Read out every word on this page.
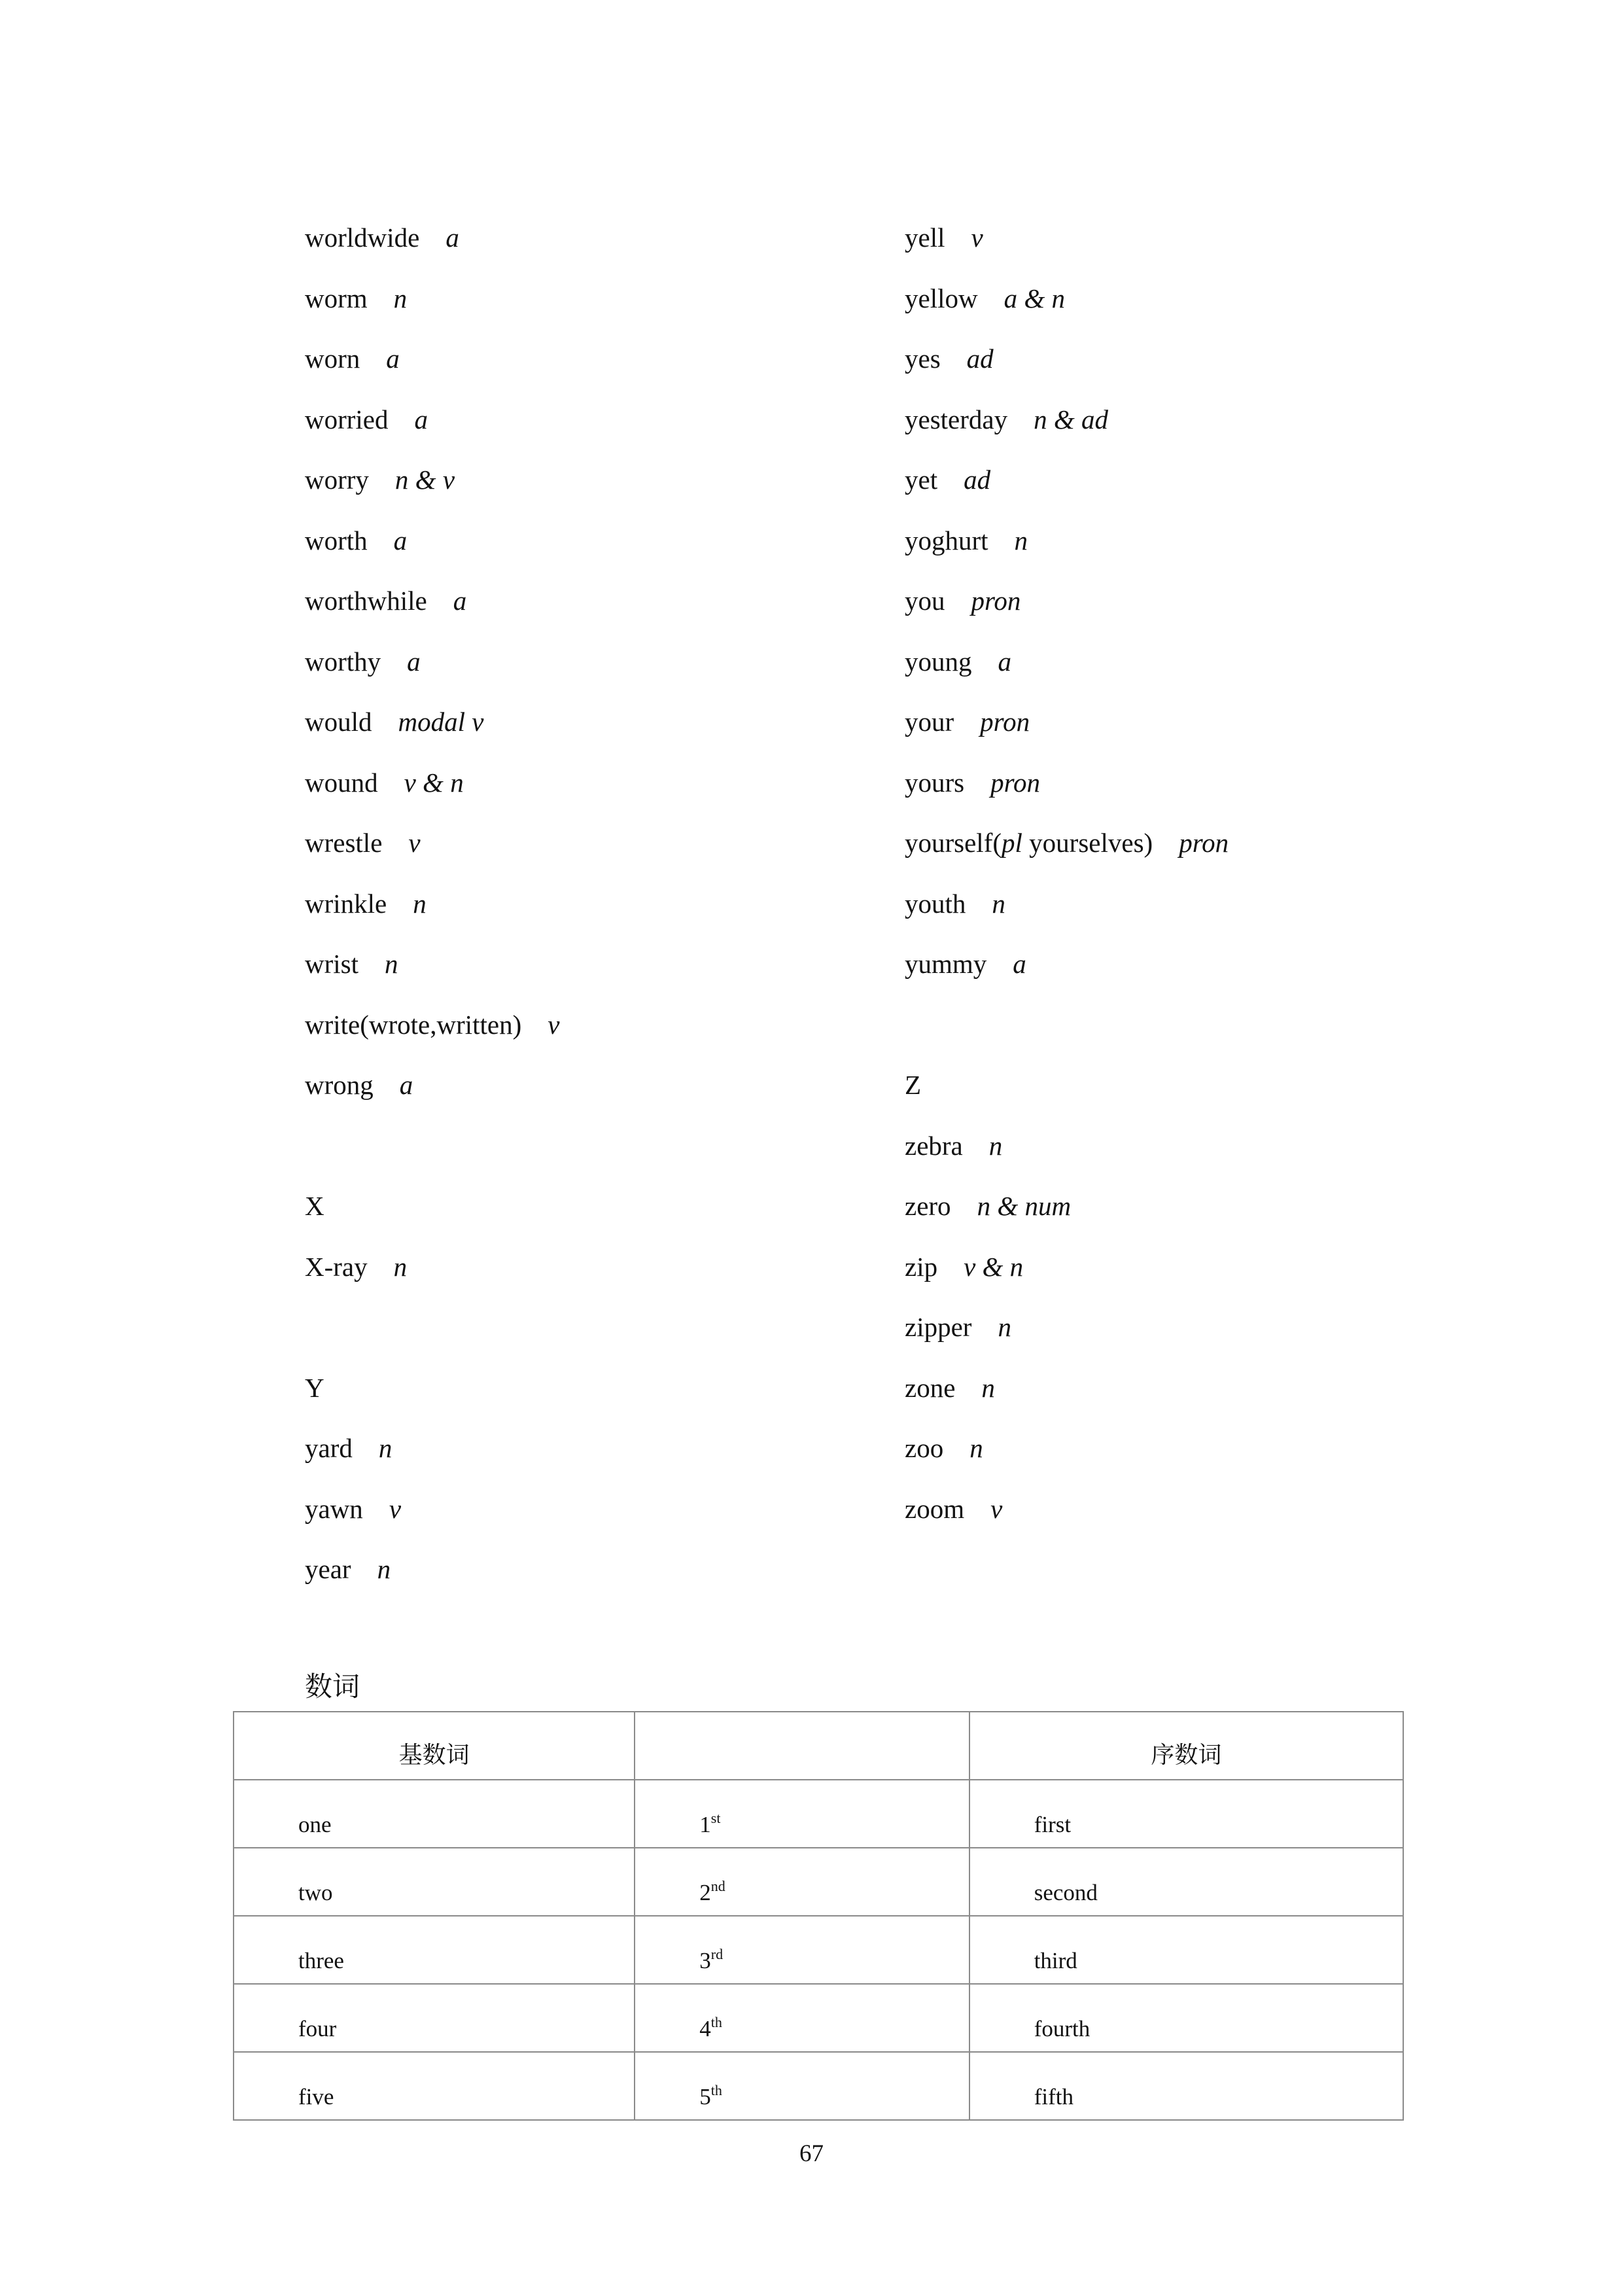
worldwide a
worm n
worn a
worried a
worry n & v
worth a
worthwhile a
worthy a
would modal v
wound v & n
wrestle v
wrinkle n
wrist n
write(wrote,written) v
wrong a
X
X-ray n
Y
yard n
yawn v
year n
yell v
yellow a & n
yes ad
yesterday n & ad
yet ad
yoghurt n
you pron
young a
your pron
yours pron
yourself(pl yourselves) pron
youth n
yummy a
Z
zebra n
zero n & num
zip v & n
zipper n
zone n
zoo n
zoom v
数词
基数词		序数词
one	1st	first
two	2nd	second
three	3rd	third
four	4th	fourth
five	5th	fifth
67
